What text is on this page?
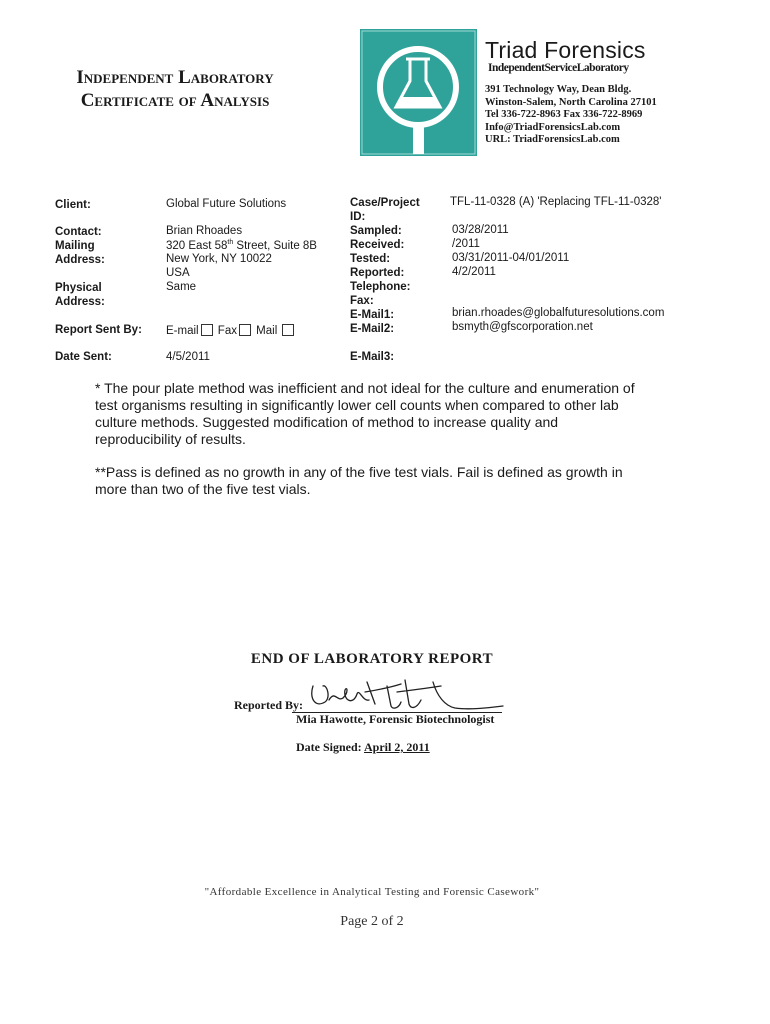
Independent Laboratory
Certificate of Analysis
Triad Forensics
IndependentServiceLaboratory
391 Technology Way, Dean Bldg.
Winston-Salem, North Carolina 27101
Tel 336-722-8963 Fax 336-722-8969
Info@TriadForensicsLab.com
URL: TriadForensicsLab.com
Client:	Global Future Solutions
Contact:	Brian Rhoades
Mailing
Address:
320 East 58th Street, Suite 8B
New York, NY 10022
USA
Physical
Address:
Same
Report Sent By: E-mail Fax Mail
Date Sent:	4/5/2011
Case/Project
ID:
TFL-11-0328 (A) 'Replacing TFL-11-0328'
Sampled:	03/28/2011
Received:	/2011
Tested:	03/31/2011-04/01/2011
Reported:	4/2/2011
Telephone:
Fax:
E-Mail1:	brian.rhoades@globalfuturesolutions.com
E-Mail2:	bsmyth@gfscorporation.net
E-Mail3:
* The pour plate method was inefficient and not ideal for the culture and enumeration of test organisms resulting in significantly lower cell counts when compared to other lab culture methods. Suggested modification of method to increase quality and reproducibility of results.
**Pass is defined as no growth in any of the five test vials. Fail is defined as growth in more than two of the five test vials.
END OF LABORATORY REPORT
Reported By:
Mia Hawotte, Forensic Biotechnologist
Date Signed: April 2, 2011
"Affordable Excellence in Analytical Testing and Forensic Casework"
Page 2 of 2
